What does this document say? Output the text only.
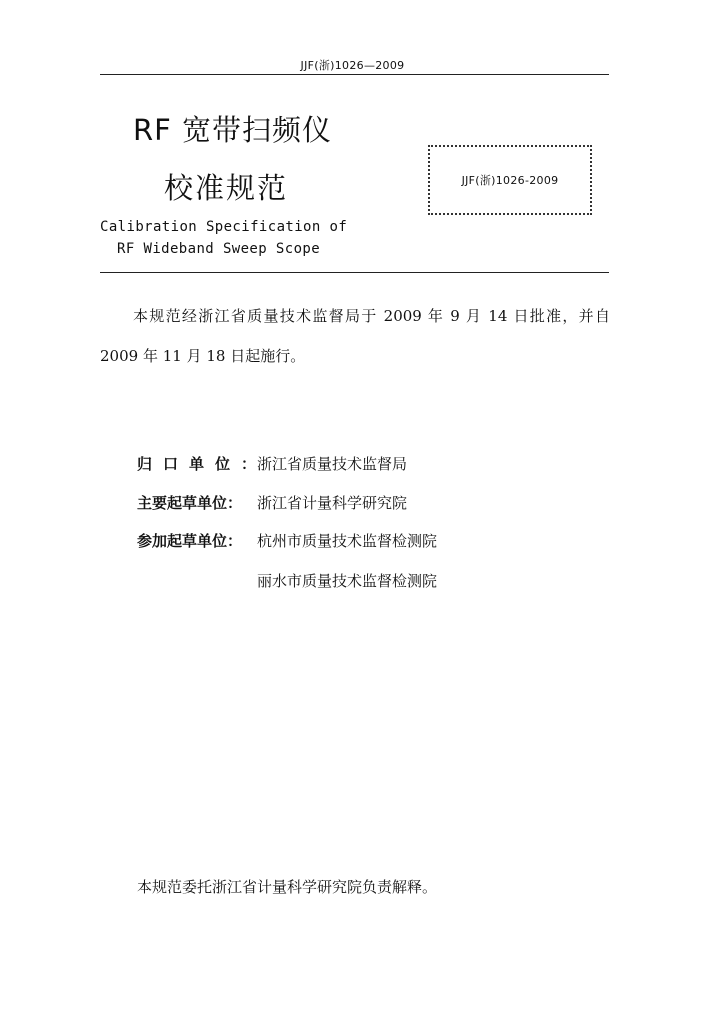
JJF(浙)1026—2009
RF 宽带扫频仪
校准规范	JJF(浙)1026-2009
Calibration Specification of
RF Wideband Sweep Scope
本规范经浙江省质量技术监督局于 2009 年 9 月 14 日批准，并自 2009 年 11 月 18 日起施行。
归口单位：
浙江省质量技术监督局
主要起草单位： 浙江省计量科学研究院
参加起草单位： 杭州市质量技术监督检测院
丽水市质量技术监督检测院
本规范委托浙江省计量科学研究院负责解释。
